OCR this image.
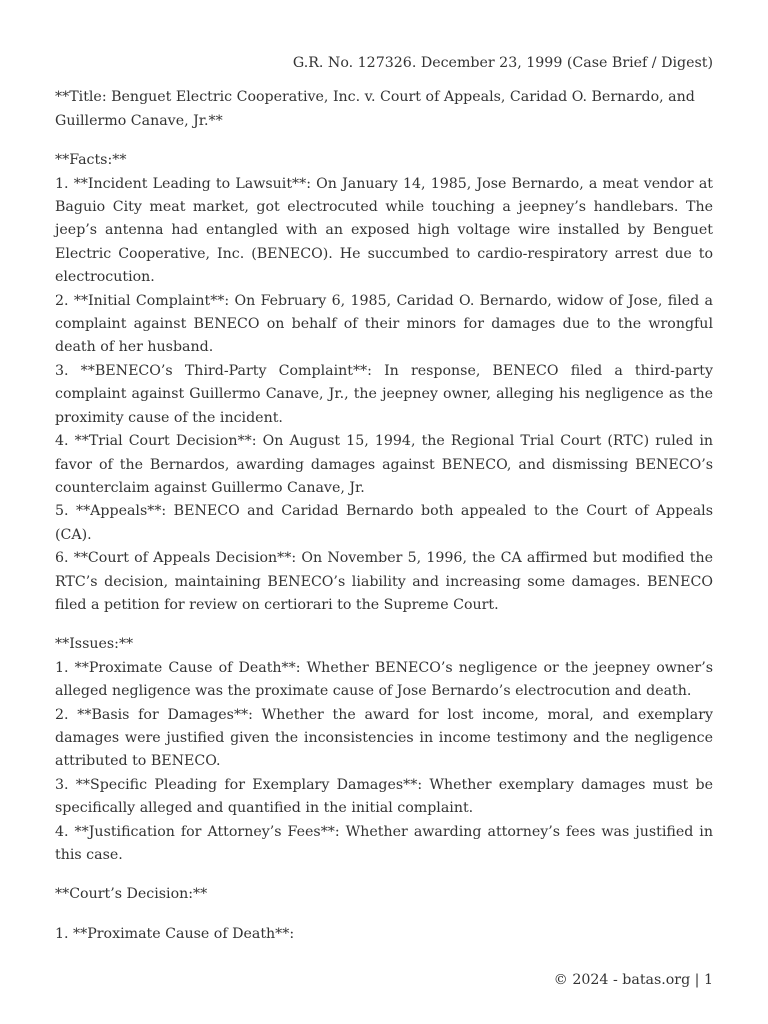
G.R. No. 127326. December 23, 1999 (Case Brief / Digest)

**Title: Benguet Electric Cooperative, Inc. v. Court of Appeals, Caridad O. Bernardo, and Guillermo Canave, Jr.**

**Facts:**

1. **Incident Leading to Lawsuit**: On January 14, 1985, Jose Bernardo, a meat vendor at Baguio City meat market, got electrocuted while touching a jeepney’s handlebars. The jeep’s antenna had entangled with an exposed high voltage wire installed by Benguet Electric Cooperative, Inc. (BENECO). He succumbed to cardio-respiratory arrest due to electrocution.

2. **Initial Complaint**: On February 6, 1985, Caridad O. Bernardo, widow of Jose, filed a complaint against BENECO on behalf of their minors for damages due to the wrongful death of her husband.

3. **BENECO’s Third-Party Complaint**: In response, BENECO filed a third-party complaint against Guillermo Canave, Jr., the jeepney owner, alleging his negligence as the proximity cause of the incident.

4. **Trial Court Decision**: On August 15, 1994, the Regional Trial Court (RTC) ruled in favor of the Bernardos, awarding damages against BENECO, and dismissing BENECO’s counterclaim against Guillermo Canave, Jr.

5. **Appeals**: BENECO and Caridad Bernardo both appealed to the Court of Appeals (CA).

6. **Court of Appeals Decision**: On November 5, 1996, the CA affirmed but modified the RTC’s decision, maintaining BENECO’s liability and increasing some damages. BENECO filed a petition for review on certiorari to the Supreme Court.

**Issues:**

1. **Proximate Cause of Death**: Whether BENECO’s negligence or the jeepney owner’s alleged negligence was the proximate cause of Jose Bernardo’s electrocution and death.

2. **Basis for Damages**: Whether the award for lost income, moral, and exemplary damages were justified given the inconsistencies in income testimony and the negligence attributed to BENECO.

3. **Specific Pleading for Exemplary Damages**: Whether exemplary damages must be specifically alleged and quantified in the initial complaint.

4. **Justification for Attorney’s Fees**: Whether awarding attorney’s fees was justified in this case.

**Court’s Decision:**

1. **Proximate Cause of Death**:

© 2024 - batas.org | 1
